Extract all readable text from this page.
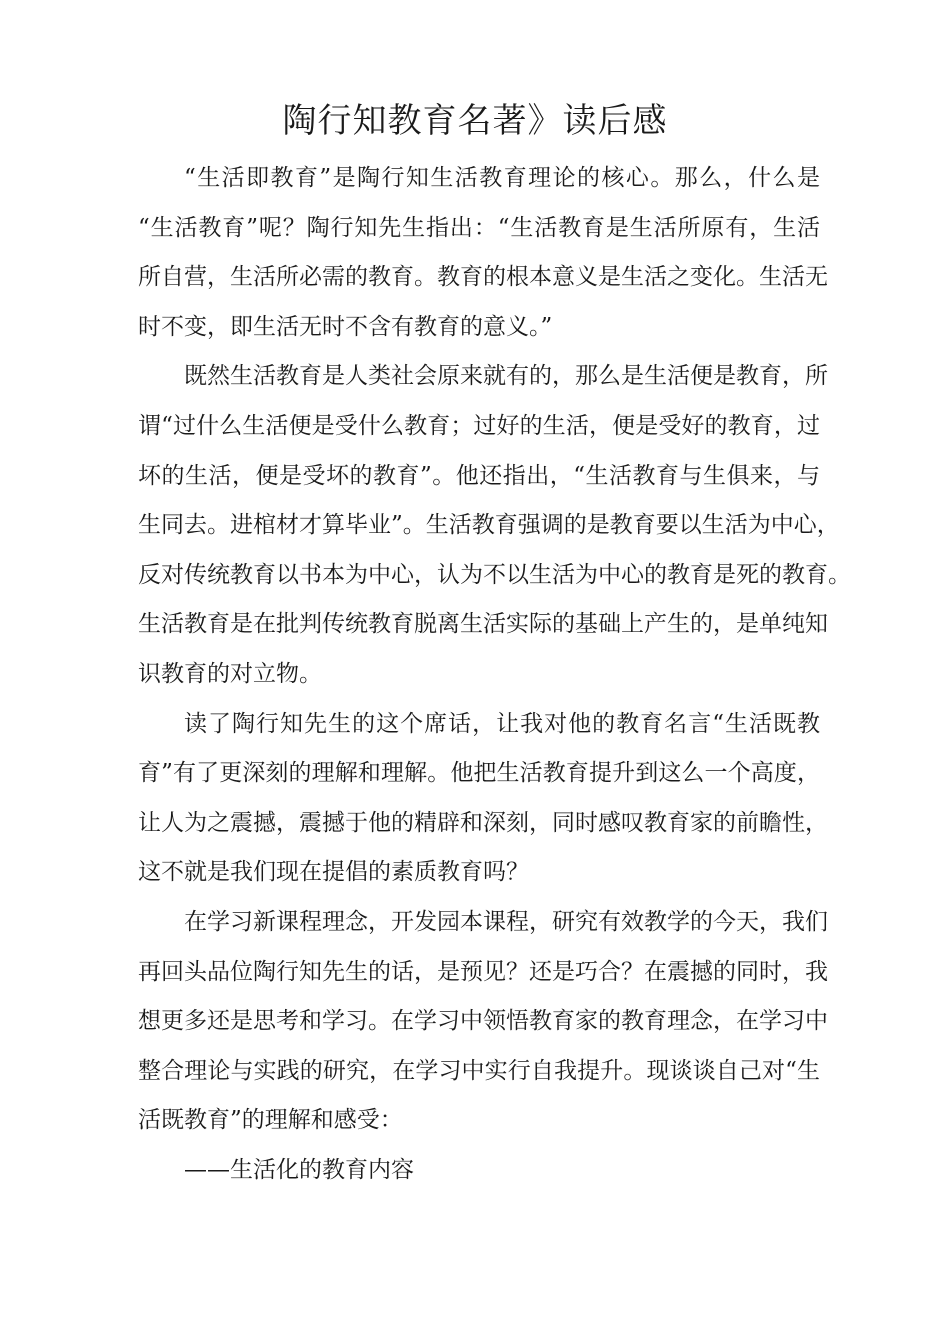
陶行知教育名著》读后感
“生活即教育”是陶行知生活教育理论的核心。那么，什么是
“生活教育”呢？陶行知先生指出：“生活教育是生活所原有，生活
所自营，生活所必需的教育。教育的根本意义是生活之变化。生活无
时不变，即生活无时不含有教育的意义。”
既然生活教育是人类社会原来就有的，那么是生活便是教育，所
谓“过什么生活便是受什么教育；过好的生活，便是受好的教育，过
坏的生活，便是受坏的教育”。他还指出，“生活教育与生俱来，与
生同去。进棺材才算毕业”。生活教育强调的是教育要以生活为中心，
反对传统教育以书本为中心，认为不以生活为中心的教育是死的教育。
生活教育是在批判传统教育脱离生活实际的基础上产生的，是单纯知
识教育的对立物。
读了陶行知先生的这个席话，让我对他的教育名言“生活既教
育”有了更深刻的理解和理解。他把生活教育提升到这么一个高度，
让人为之震撼，震撼于他的精辟和深刻，同时感叹教育家的前瞻性，
这不就是我们现在提倡的素质教育吗？
在学习新课程理念，开发园本课程，研究有效教学的今天，我们
再回头品位陶行知先生的话，是预见？还是巧合？在震撼的同时，我
想更多还是思考和学习。在学习中领悟教育家的教育理念，在学习中
整合理论与实践的研究，在学习中实行自我提升。现谈谈自己对“生
活既教育”的理解和感受：
——生活化的教育内容
